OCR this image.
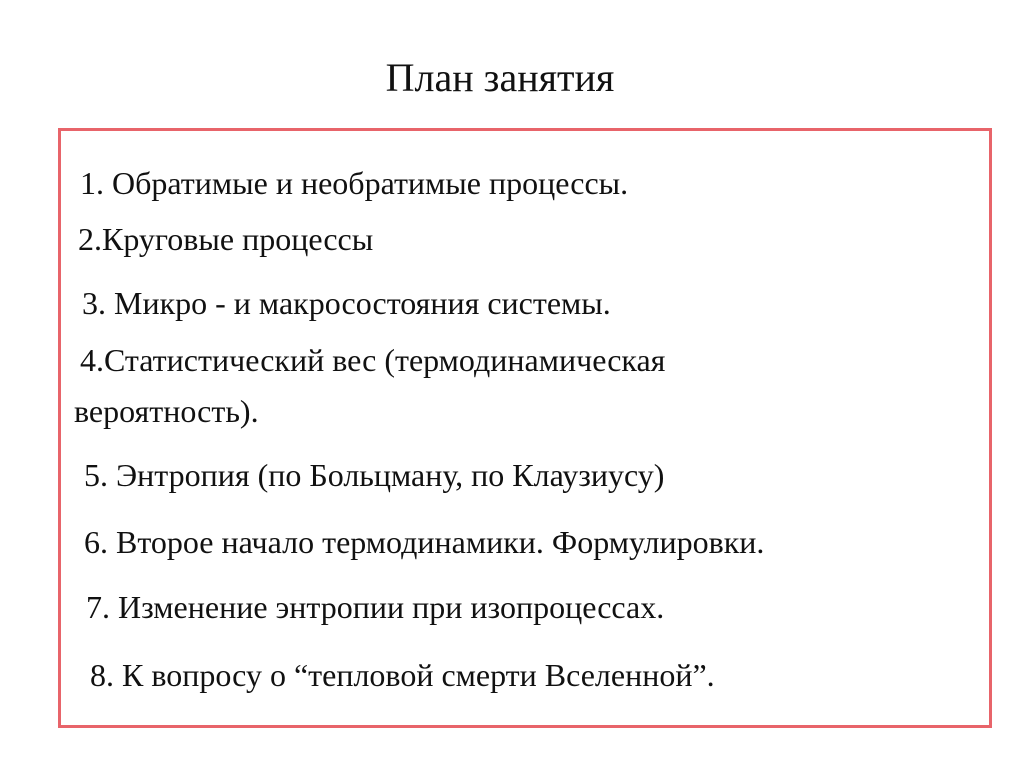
План занятия

1. Обратимые и необратимые процессы.

2.Круговые процессы

3. Микро - и макросостояния системы.

4.Статистический вес (термодинамическая

вероятность).

5. Энтропия (по Больцману, по Клаузиусу)

6. Второе начало термодинамики. Формулировки.

7. Изменение энтропии при изопроцессах.

8. К вопросу о “тепловой смерти Вселенной”.
